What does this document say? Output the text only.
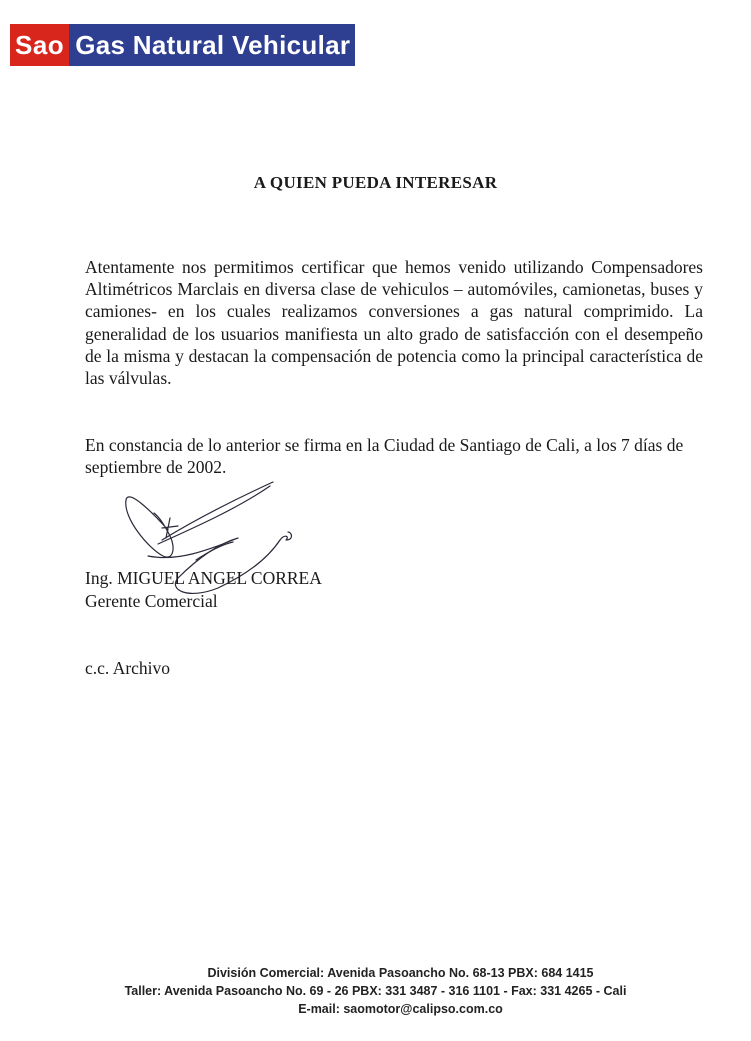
Sao Gas Natural Vehicular
A QUIEN PUEDA INTERESAR

Atentamente nos permitimos certificar que hemos venido utilizando Compensadores Altimétricos Marclais en diversa clase de vehiculos – automóviles, camionetas, buses y camiones- en los cuales realizamos conversiones a gas natural comprimido. La generalidad de los usuarios manifiesta un alto grado de satisfacción con el desempeño de la misma y destacan la compensación de potencia como la principal característica de las válvulas.

En constancia de lo anterior se firma en la Ciudad de Santiago de Cali, a los 7 días de septiembre de 2002.

Ing. MIGUEL ANGEL CORREA
Gerente Comercial
c.c. Archivo
División Comercial: Avenida Pasoancho No. 68-13 PBX: 684 1415
Taller: Avenida Pasoancho No. 69 - 26 PBX: 331 3487 - 316 1101 - Fax: 331 4265 - Cali
E-mail: saomotor@calipso.com.co
